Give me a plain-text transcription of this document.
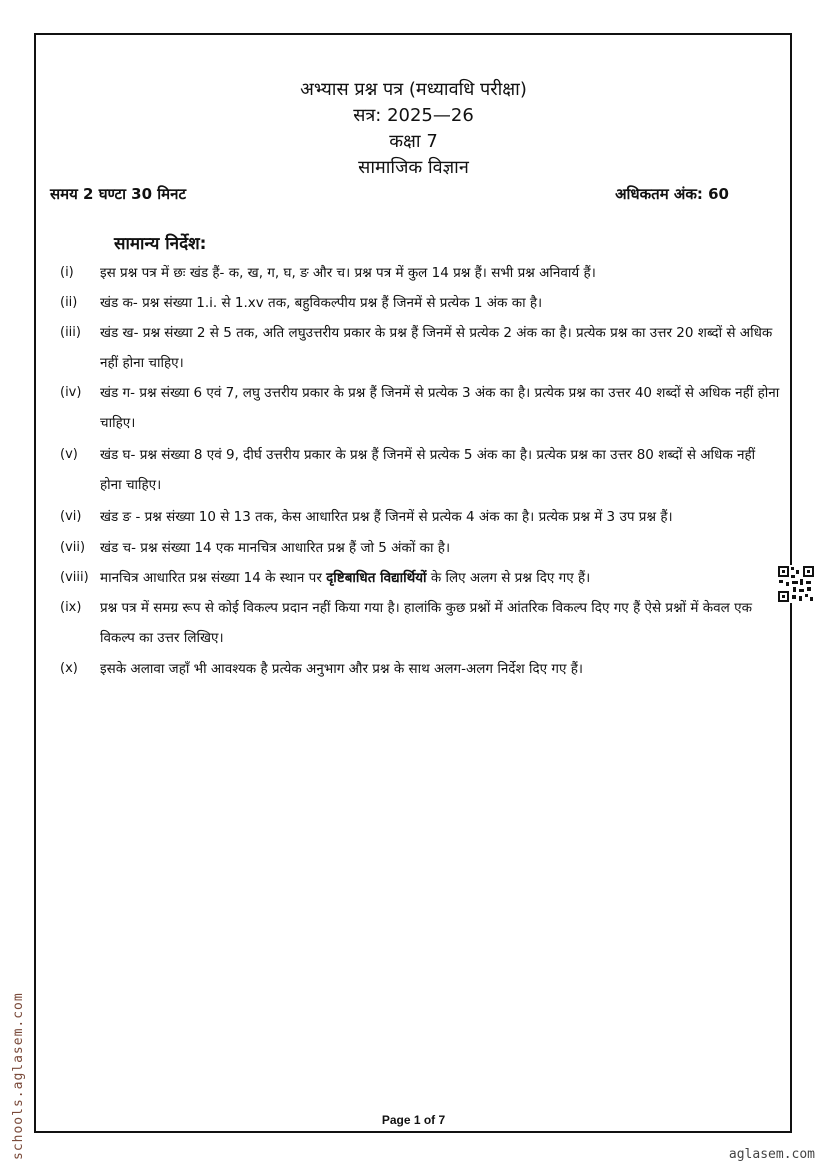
अभ्यास प्रश्न पत्र (मध्यावधि परीक्षा)
सत्र: 2025—26
कक्षा 7
सामाजिक विज्ञान
समय 2 घण्टा 30 मिनट	अधिकतम अंक: 60
सामान्य निर्देश:
(i)	इस प्रश्न पत्र में छः खंड हैं- क, ख, ग, घ, ङ और च। प्रश्न पत्र में कुल 14 प्रश्न हैं। सभी प्रश्न अनिवार्य हैं।
(ii)	खंड क- प्रश्न संख्या 1.i. से 1.xv तक, बहुविकल्पीय प्रश्न हैं जिनमें से प्रत्येक 1 अंक का है।
(iii)	खंड ख- प्रश्न संख्या 2 से 5 तक, अति लघुउत्तरीय प्रकार के प्रश्न हैं जिनमें से प्रत्येक 2 अंक का है। प्रत्येक प्रश्न का उत्तर 20 शब्दों से अधिक नहीं होना चाहिए।
(iv)	खंड ग- प्रश्न संख्या 6 एवं 7, लघु उत्तरीय प्रकार के प्रश्न हैं जिनमें से प्रत्येक 3 अंक का है। प्रत्येक प्रश्न का उत्तर 40 शब्दों से अधिक नहीं होना चाहिए।
(v)	खंड घ- प्रश्न संख्या 8 एवं 9, दीर्घ उत्तरीय प्रकार के प्रश्न हैं जिनमें से प्रत्येक 5 अंक का है। प्रत्येक प्रश्न का उत्तर 80 शब्दों से अधिक नहीं होना चाहिए।
(vi)	खंड ङ - प्रश्न संख्या 10 से 13 तक, केस आधारित प्रश्न हैं जिनमें से प्रत्येक 4 अंक का है। प्रत्येक प्रश्न में 3 उप प्रश्न हैं।
(vii)	खंड च- प्रश्न संख्या 14 एक मानचित्र आधारित प्रश्न हैं जो 5 अंकों का है।
(viii) मानचित्र आधारित प्रश्न संख्या 14 के स्थान पर दृष्टिबाधित विद्यार्थियों के लिए अलग से प्रश्न दिए गए हैं।
(ix)	प्रश्न पत्र में समग्र रूप से कोई विकल्प प्रदान नहीं किया गया है। हालांकि कुछ प्रश्नों में आंतरिक विकल्प दिए गए हैं ऐसे प्रश्नों में केवल एक विकल्प का उत्तर लिखिए।
(x)	इसके अलावा जहाँ भी आवश्यक है प्रत्येक अनुभाग और प्रश्न के साथ अलग-अलग निर्देश दिए गए हैं।
Page 1 of 7
schools.aglasem.com	aglasem.com
